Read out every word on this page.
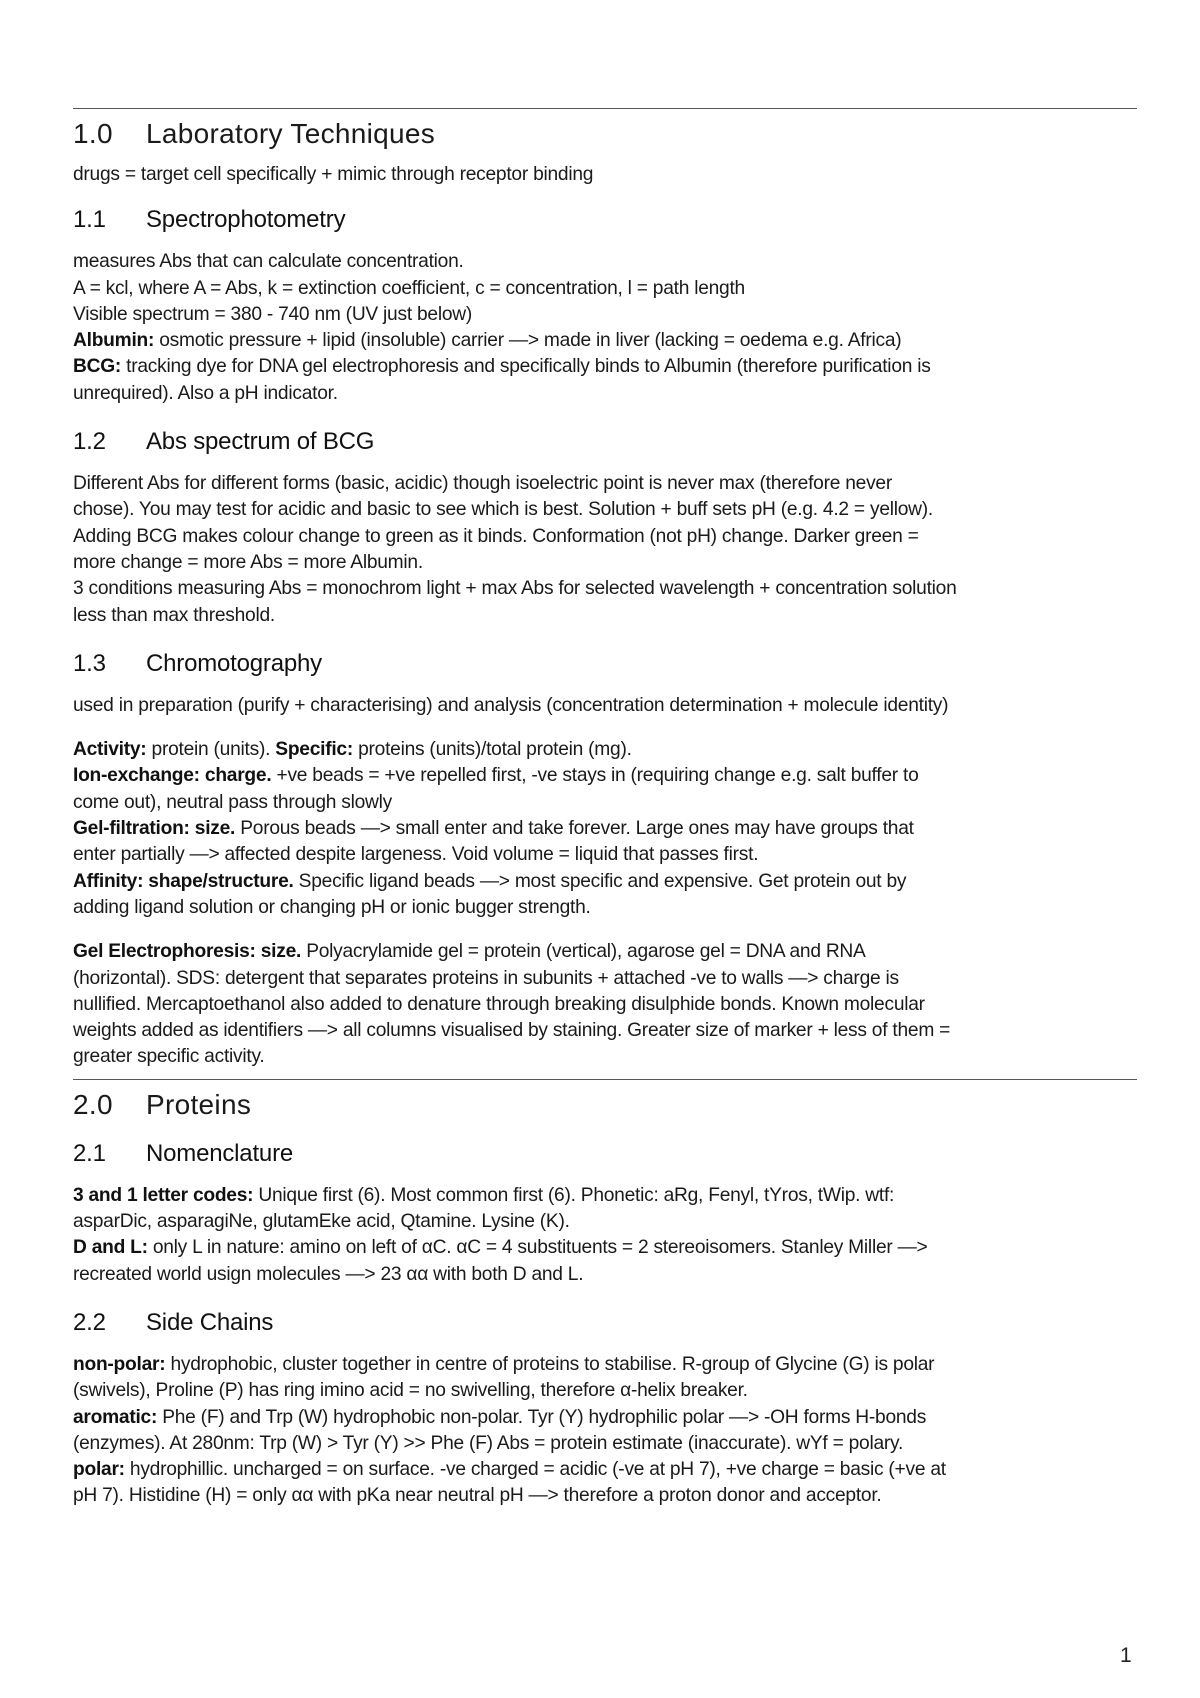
1.0 Laboratory Techniques

drugs = target cell specifically + mimic through receptor binding

1.1 Spectrophotometry

measures Abs that can calculate concentration.
A = kcl, where A = Abs, k = extinction coefficient, c = concentration, l = path length
Visible spectrum = 380 - 740 nm (UV just below)
Albumin: osmotic pressure + lipid (insoluble) carrier —> made in liver (lacking = oedema e.g. Africa)
BCG: tracking dye for DNA gel electrophoresis and specifically binds to Albumin (therefore purification is
unrequired). Also a pH indicator.

1.2 Abs spectrum of BCG

Different Abs for different forms (basic, acidic) though isoelectric point is never max (therefore never
chose). You may test for acidic and basic to see which is best. Solution + buff sets pH (e.g. 4.2 = yellow).
Adding BCG makes colour change to green as it binds. Conformation (not pH) change. Darker green =
more change = more Abs = more Albumin.
3 conditions measuring Abs = monochrom light + max Abs for selected wavelength + concentration solution
less than max threshold.

1.3 Chromotography

used in preparation (purify + characterising) and analysis (concentration determination + molecule identity)

Activity: protein (units). Specific: proteins (units)/total protein (mg).
Ion-exchange: charge. +ve beads = +ve repelled first, -ve stays in (requiring change e.g. salt buffer to
come out), neutral pass through slowly
Gel-filtration: size. Porous beads —> small enter and take forever. Large ones may have groups that
enter partially —> affected despite largeness. Void volume = liquid that passes first.
Affinity: shape/structure. Specific ligand beads —> most specific and expensive. Get protein out by
adding ligand solution or changing pH or ionic bugger strength.

Gel Electrophoresis: size. Polyacrylamide gel = protein (vertical), agarose gel = DNA and RNA
(horizontal). SDS: detergent that separates proteins in subunits + attached -ve to walls —> charge is
nullified. Mercaptoethanol also added to denature through breaking disulphide bonds. Known molecular
weights added as identifiers —> all columns visualised by staining. Greater size of marker + less of them =
greater specific activity.

2.0 Proteins
2.1 Nomenclature

3 and 1 letter codes: Unique first (6). Most common first (6). Phonetic: aRg, Fenyl, tYros, tWip. wtf:
asparDic, asparagiNe, glutamEke acid, Qtamine. Lysine (K).
D and L: only L in nature: amino on left of αC. αC = 4 substituents = 2 stereoisomers. Stanley Miller —>
recreated world usign molecules —> 23 αα with both D and L.

2.2 Side Chains

non-polar: hydrophobic, cluster together in centre of proteins to stabilise. R-group of Glycine (G) is polar
(swivels), Proline (P) has ring imino acid = no swivelling, therefore α-helix breaker.
aromatic: Phe (F) and Trp (W) hydrophobic non-polar. Tyr (Y) hydrophilic polar —> -OH forms H-bonds
(enzymes). At 280nm: Trp (W) > Tyr (Y) >> Phe (F) Abs = protein estimate (inaccurate). wYf = polary.
polar: hydrophillic. uncharged = on surface. -ve charged = acidic (-ve at pH 7), +ve charge = basic (+ve at
pH 7). Histidine (H) = only αα with pKa near neutral pH —> therefore a proton donor and acceptor.

1
